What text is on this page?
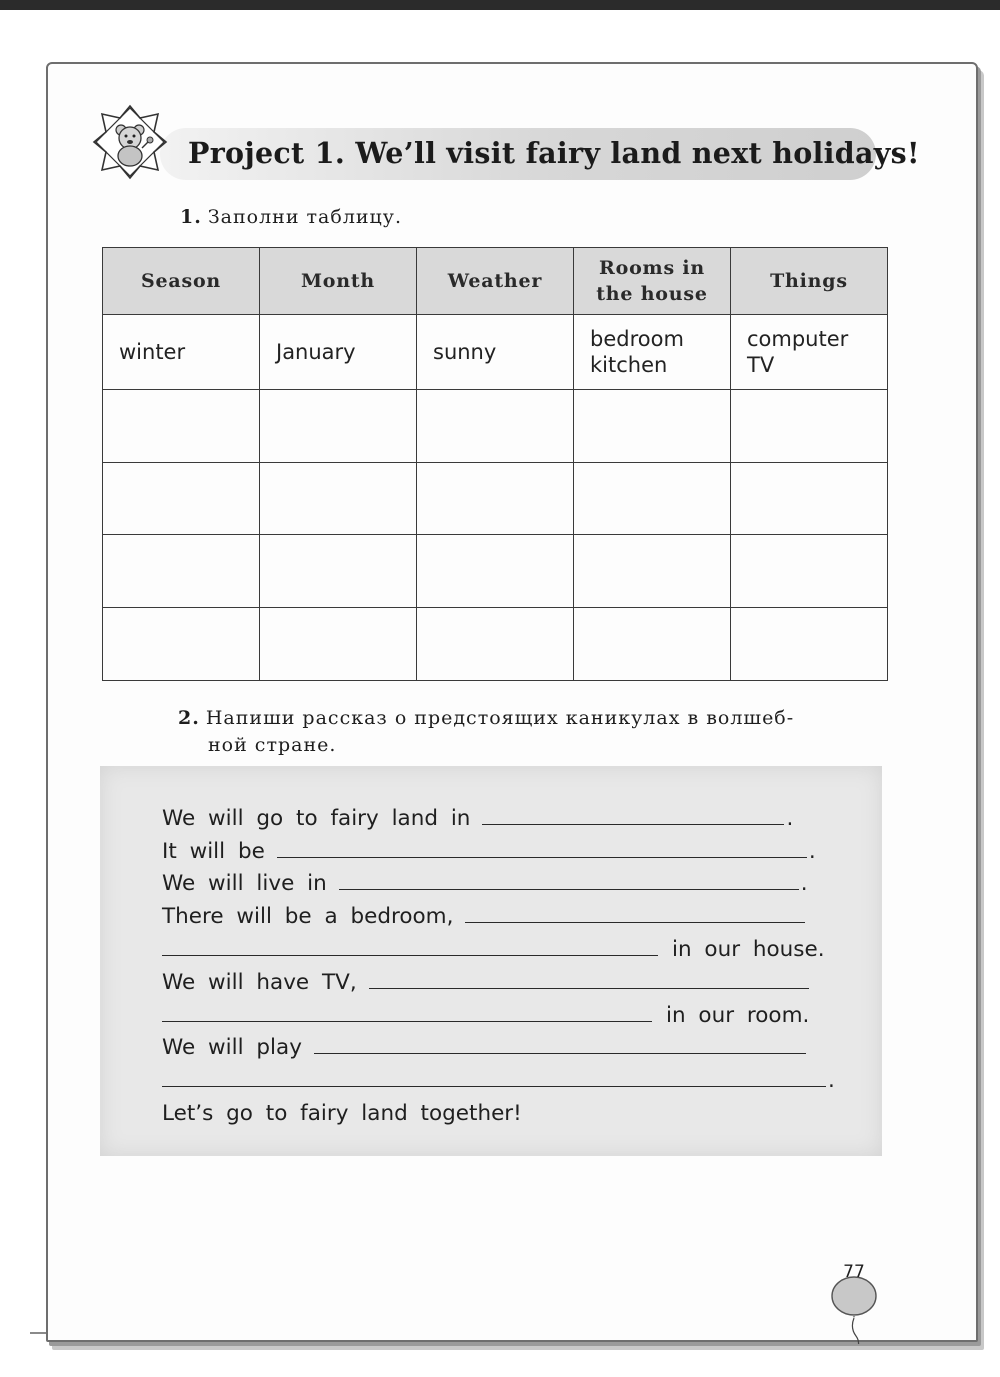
Project 1. We’ll visit fairy land next holidays!
1. Заполни таблицу.
Season	Month	Weather	Rooms in the house	Things
winter	January	sunny	bedroom kitchen	computer TV

2. Напиши рассказ о предстоящих каникулах в волшеб-
ной стране.
We will go to fairy land in	.
It will be	.
We will live in	.
There will be a bedroom,
in our house.
We will have TV,
in our room.
We will play
.
Let’s go to fairy land together!
77
